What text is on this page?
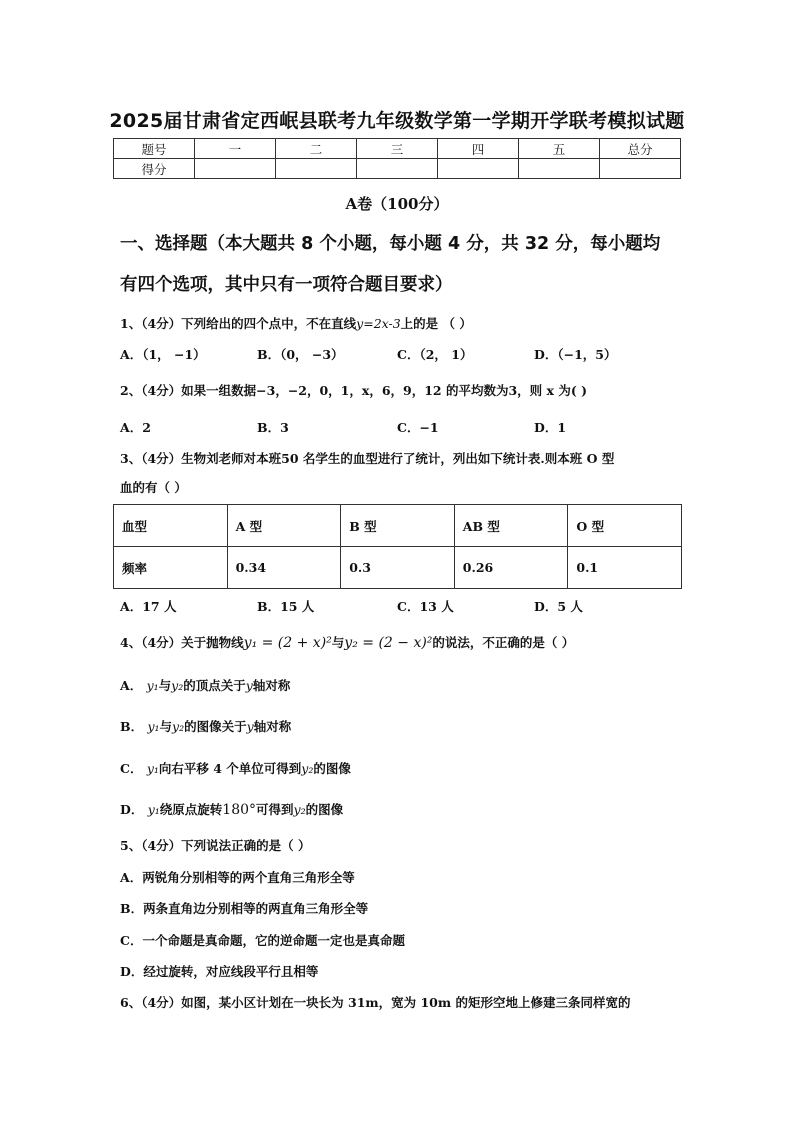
2025届甘肃省定西岷县联考九年级数学第一学期开学联考模拟试题
题号	一	二	三	四	五	总分
得分						
A卷（100分）
一、选择题（本大题共 8 个小题，每小题 4 分，共 32 分，每小题均
有四个选项，其中只有一项符合题目要求）
1、（4分）下列给出的四个点中，不在直线y=2x-3上的是 （ ）
A．（1， −1）	B．（0， −3）	C．（2， 1）	D．（−1，5）
2、（4分）如果一组数据−3，−2，0，1，x，6，9，12 的平均数为3，则 x 为( )
A．2	B．3	C．−1	D．1
3、（4分）生物刘老师对本班50 名学生的血型进行了统计，列出如下统计表.则本班 O 型
血的有（ ）
血型	A 型	B 型	AB 型	O 型
频率	0.34	0.3	0.26	0.1
A．17 人	B．15 人	C．13 人	D．5 人
4、（4分）关于抛物线y₁ = (2 + x)²与y₂ = (2 − x)²的说法，不正确的是（ ）
A． y₁与y₂的顶点关于y轴对称
B． y₁与y₂的图像关于y轴对称
C． y₁向右平移 4 个单位可得到y₂的图像
D． y₁绕原点旋转180°可得到y₂的图像
5、（4分）下列说法正确的是（ ）
A．两锐角分别相等的两个直角三角形全等
B．两条直角边分别相等的两直角三角形全等
C．一个命题是真命题，它的逆命题一定也是真命题
D．经过旋转，对应线段平行且相等
6、（4分）如图，某小区计划在一块长为 31m，宽为 10m 的矩形空地上修建三条同样宽的
